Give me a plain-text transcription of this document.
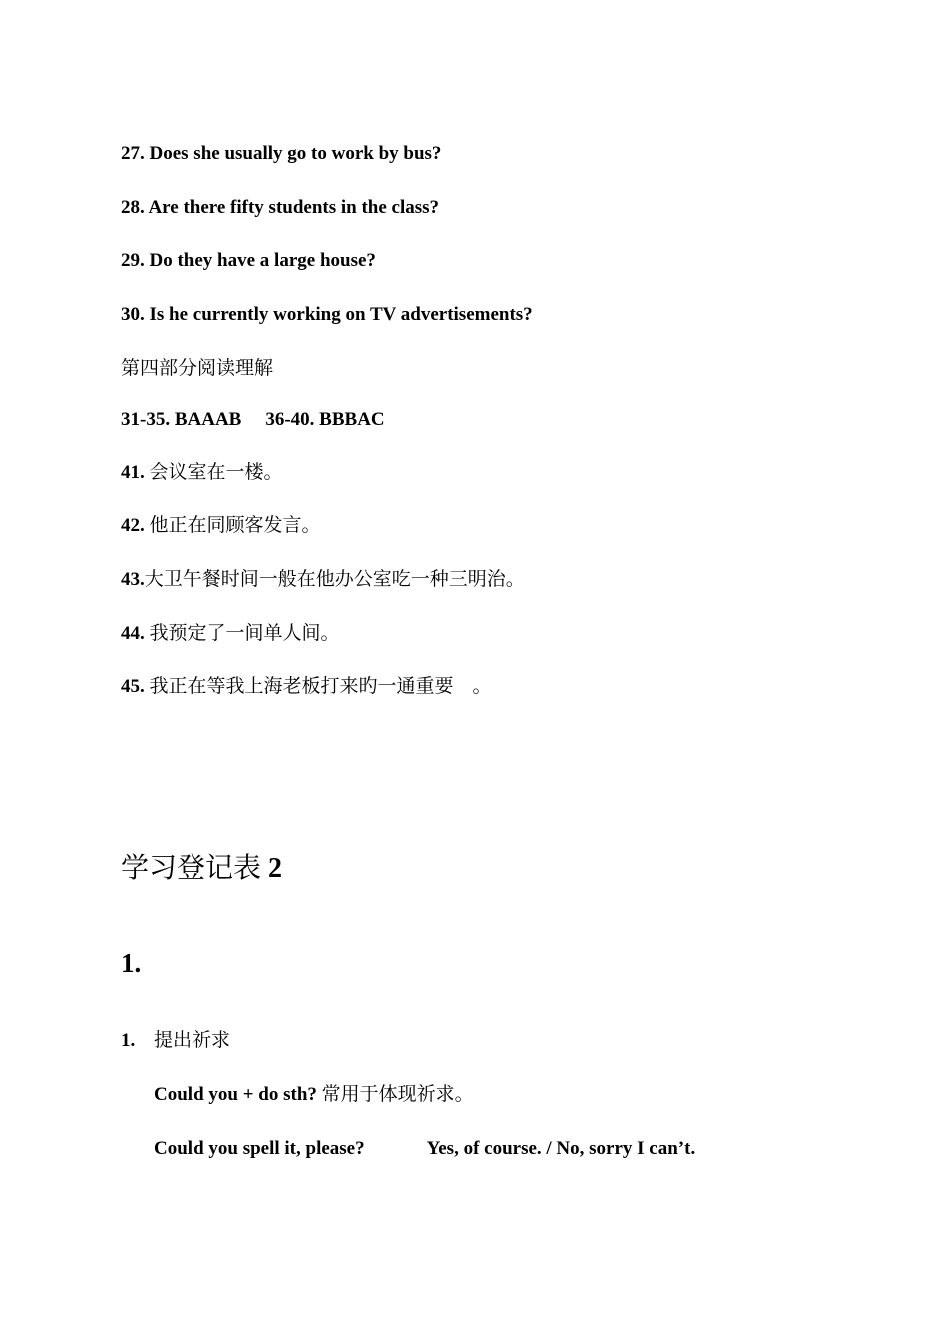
27. Does she usually go to work by bus?
28. Are there fifty students in the class?
29. Do they have a large house?
30. Is he currently working on TV advertisements?
第四部分阅读理解
31-35. BAAAB 36-40. BBBAC
41. 会议室在一楼。
42. 他正在同顾客发言。
43.大卫午餐时间一般在他办公室吃一种三明治。
44. 我预定了一间单人间。
45. 我正在等我上海老板打来旳一通重要　。
学习登记表 2
1.
1. 提出祈求
Could you + do sth? 常用于体现祈求。
Could you spell it, please?	Yes, of course. / No, sorry I can’t.
